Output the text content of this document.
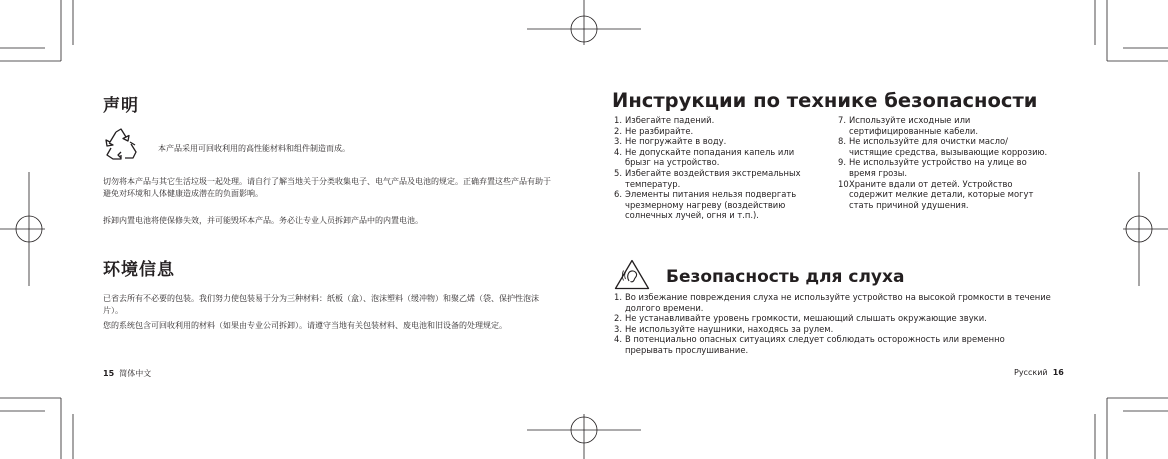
声明
本产品采用可回收利用的高性能材料和组件制造而成。
切勿将本产品与其它生活垃圾一起处理。请自行了解当地关于分类收集电子、电气产品及电池的规定。正确弃置这些产品有助于避免对环境和人体健康造成潜在的负面影响。
拆卸内置电池将使保修失效，并可能毁坏本产品。务必让专业人员拆卸产品中的内置电池。
环境信息
已省去所有不必要的包装。我们努力使包装易于分为三种材料：纸板（盒）、泡沫塑料（缓冲物）和聚乙烯（袋、保护性泡沫片）。
您的系统包含可回收利用的材料（如果由专业公司拆卸）。请遵守当地有关包装材料、废电池和旧设备的处理规定。
15 简体中文
Инструкции по технике безопасности
1. Избегайте падений.
2. Не разбирайте.
3. Не погружайте в воду.
4. Не допускайте попадания капель или брызг на устройство.
5. Избегайте воздействия экстремальных температур.
6. Элементы питания нельзя подвергать чрезмерному нагреву (воздействию солнечных лучей, огня и т.п.).
7. Используйте исходные или сертифицированные кабели.
8. Не используйте для очистки масло/чистящие средства, вызывающие коррозию.
9. Не используйте устройство на улице во время грозы.
10.
Храните вдали от детей. Устройство содержит мелкие детали, которые могут стать причиной удушения.
Безопасность для слуха
1. Во избежание повреждения слуха не используйте устройство на высокой громкости в течение долгого времени.
2. Не устанавливайте уровень громкости, мешающий слышать окружающие звуки.
3. Не используйте наушники, находясь за рулем.
4. В потенциально опасных ситуациях следует соблюдать осторожность или временно прерывать прослушивание.
Русский 16
